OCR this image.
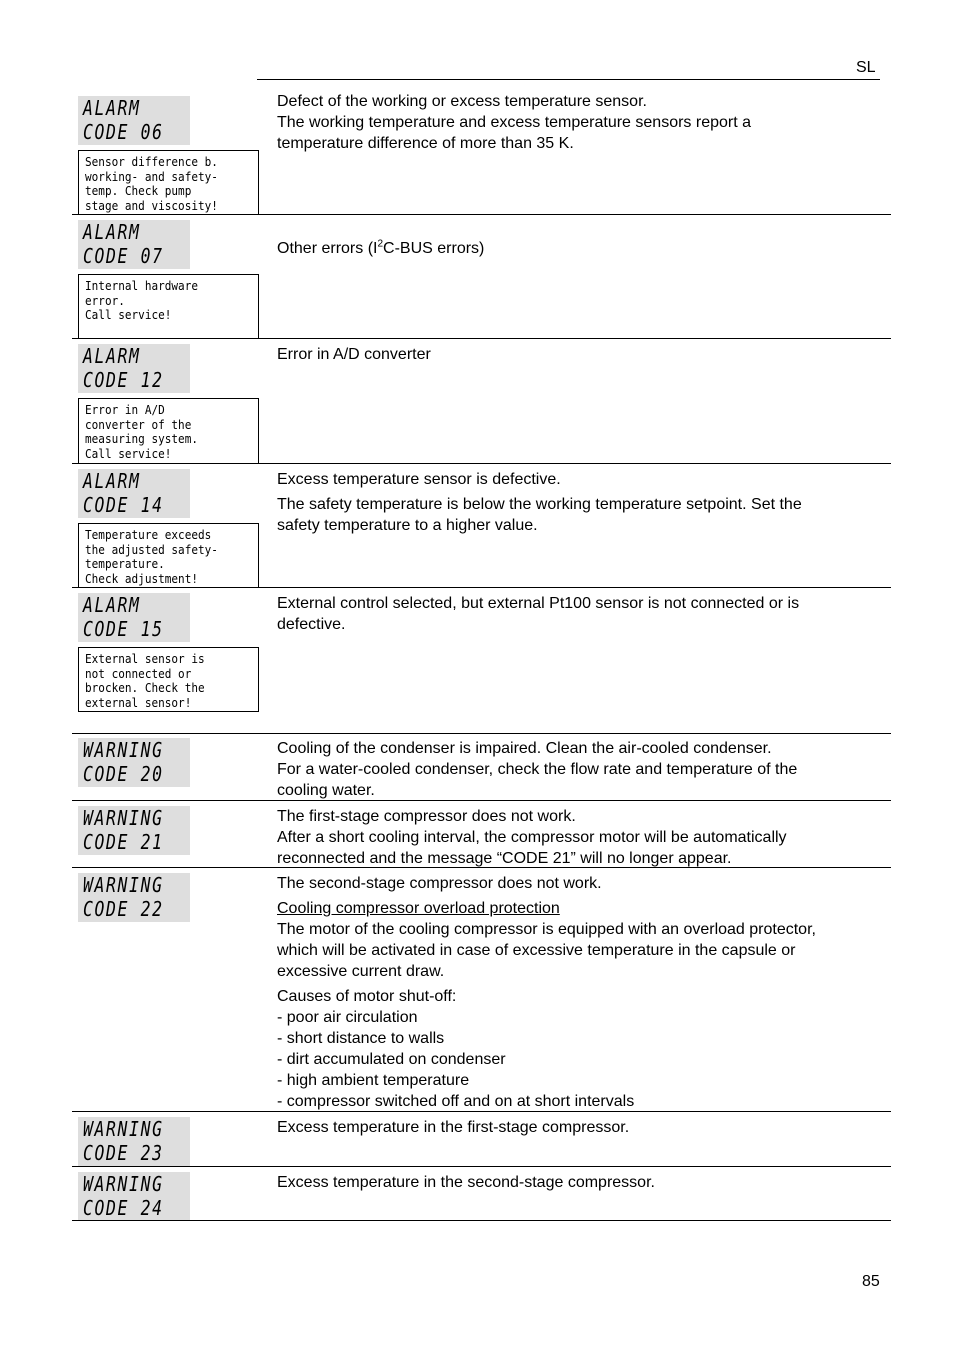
SL
ALARM
CODE 06
Sensor difference b.
working- and safety-
temp. Check pump
stage and viscosity!

Defect of the working or excess temperature sensor.

The working temperature and excess temperature sensors report a

temperature difference of more than 35 K.

ALARM
CODE 07
Internal hardware
error.
Call service!

Other errors ($I^2C$-BUS errors)

ALARM
CODE 12
Error in A/D
converter of the
measuring system.
Call service!

Error in A/D converter

ALARM
CODE 14
Temperature exceeds
the adjusted safety-
temperature.
Check adjustment!

Excess temperature sensor is defective.

The safety temperature is below the working temperature setpoint. Set the

safety temperature to a higher value.

ALARM
CODE 15
External sensor is
not connected or
brocken. Check the
external sensor!

External control selected, but external Pt100 sensor is not connected or is

defective.

WARNING
CODE 20

Cooling of the condenser is impaired. Clean the air-cooled condenser.

For a water-cooled condenser, check the flow rate and temperature of the

cooling water.

WARNING
CODE 21

The first-stage compressor does not work.

After a short cooling interval, the compressor motor will be automatically

reconnected and the message “CODE 21” will no longer appear.

WARNING
CODE 22

The second-stage compressor does not work.

Cooling compressor overload protection

The motor of the cooling compressor is equipped with an overload protector,

which will be activated in case of excessive temperature in the capsule or

excessive current draw.

Causes of motor shut-off:

- poor air circulation

- short distance to walls

- dirt accumulated on condenser

- high ambient temperature

- compressor switched off and on at short intervals

WARNING
CODE 23

Excess temperature in the first-stage compressor.

WARNING
CODE 24

Excess temperature in the second-stage compressor.

85
